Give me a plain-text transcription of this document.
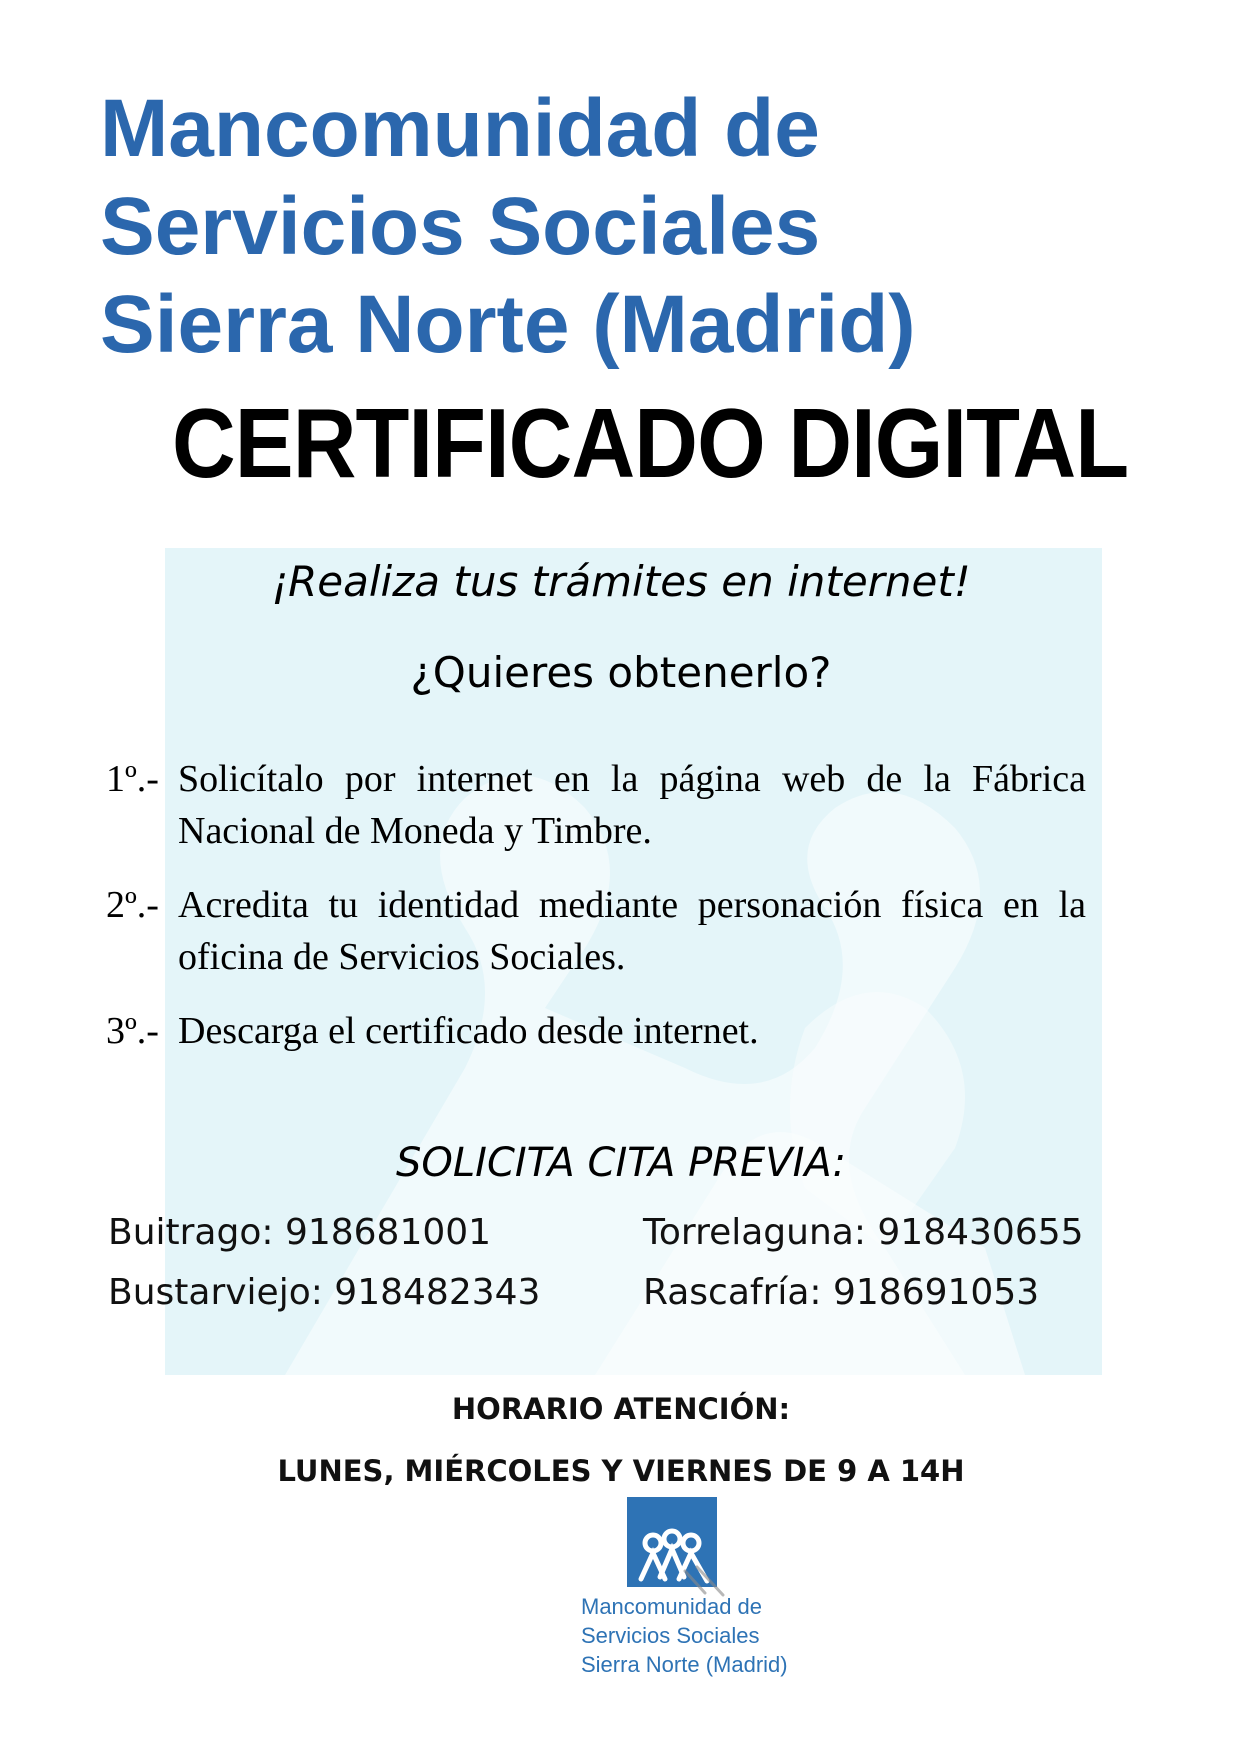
Mancomunidad de
Servicios Sociales
Sierra Norte (Madrid)
CERTIFICADO DIGITAL
¡Realiza tus trámites en internet!
¿Quieres obtenerlo?
1º.- Solicítalo por internet en la página web de la Fábrica Nacional de Moneda y Timbre.
2º.- Acredita tu identidad mediante personación física en la oficina de Servicios Sociales.
3º.- Descarga el certificado desde internet.
SOLICITA CITA PREVIA:
Buitrago: 918681001	Torrelaguna: 918430655
Bustarviejo: 918482343	Rascafría: 918691053
HORARIO ATENCIÓN:
LUNES, MIÉRCOLES Y VIERNES DE 9 A 14H
Mancomunidad de
Servicios Sociales
Sierra Norte (Madrid)
